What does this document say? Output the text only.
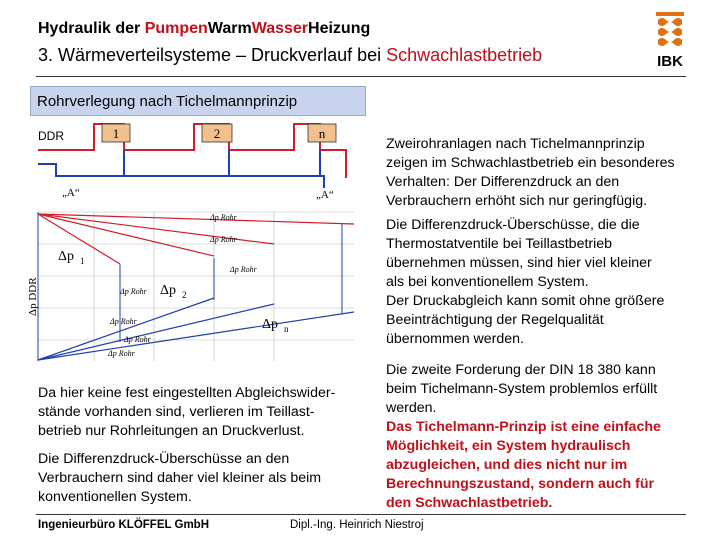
Hydraulik der PumpenWarmWasserHeizung
3. Wärmeverteilsysteme – Druckverlauf bei Schwachlastbetrieb	IBK
Rohrverlegung nach Tichelmannprinzip
1	2	n
DDR
„A“	„A“
Δp 1
Δp 2
Δp n
Δp DDR
Δp Rohr
Δp Rohr
Δp Rohr
Δp Rohr
Δp Rohr
Δp Rohr
Δp Rohr
Zweirohranlagen nach Tichelmannprinzip
zeigen im Schwachlastbetrieb ein besonderes
Verhalten: Der Differenzdruck an den
Verbrauchern erhöht sich nur geringfügig.
Die Differenzdruck-Überschüsse, die die
Thermostatventile bei Teillastbetrieb
übernehmen müssen, sind hier viel kleiner
als bei konventionellem System.
Der Druckabgleich kann somit ohne größere
Beeinträchtigung der Regelqualität
übernommen werden.
Die zweite Forderung der DIN 18 380 kann
beim Tichelmann-System problemlos erfüllt
werden.
Das Tichelmann-Prinzip ist eine einfache
Möglichkeit, ein System hydraulisch
abzugleichen, und dies nicht nur im
Berechnungszustand, sondern auch für
den Schwachlastbetrieb.
Da hier keine fest eingestellten Abgleichswider-
stände vorhanden sind, verlieren im Teillast-
betrieb nur Rohrleitungen an Druckverlust.
Die Differenzdruck-Überschüsse an den
Verbrauchern sind daher viel kleiner als beim
konventionellen System.
Ingenieurbüro KLÖFFEL GmbH	Dipl.-Ing. Heinrich Niestroj
